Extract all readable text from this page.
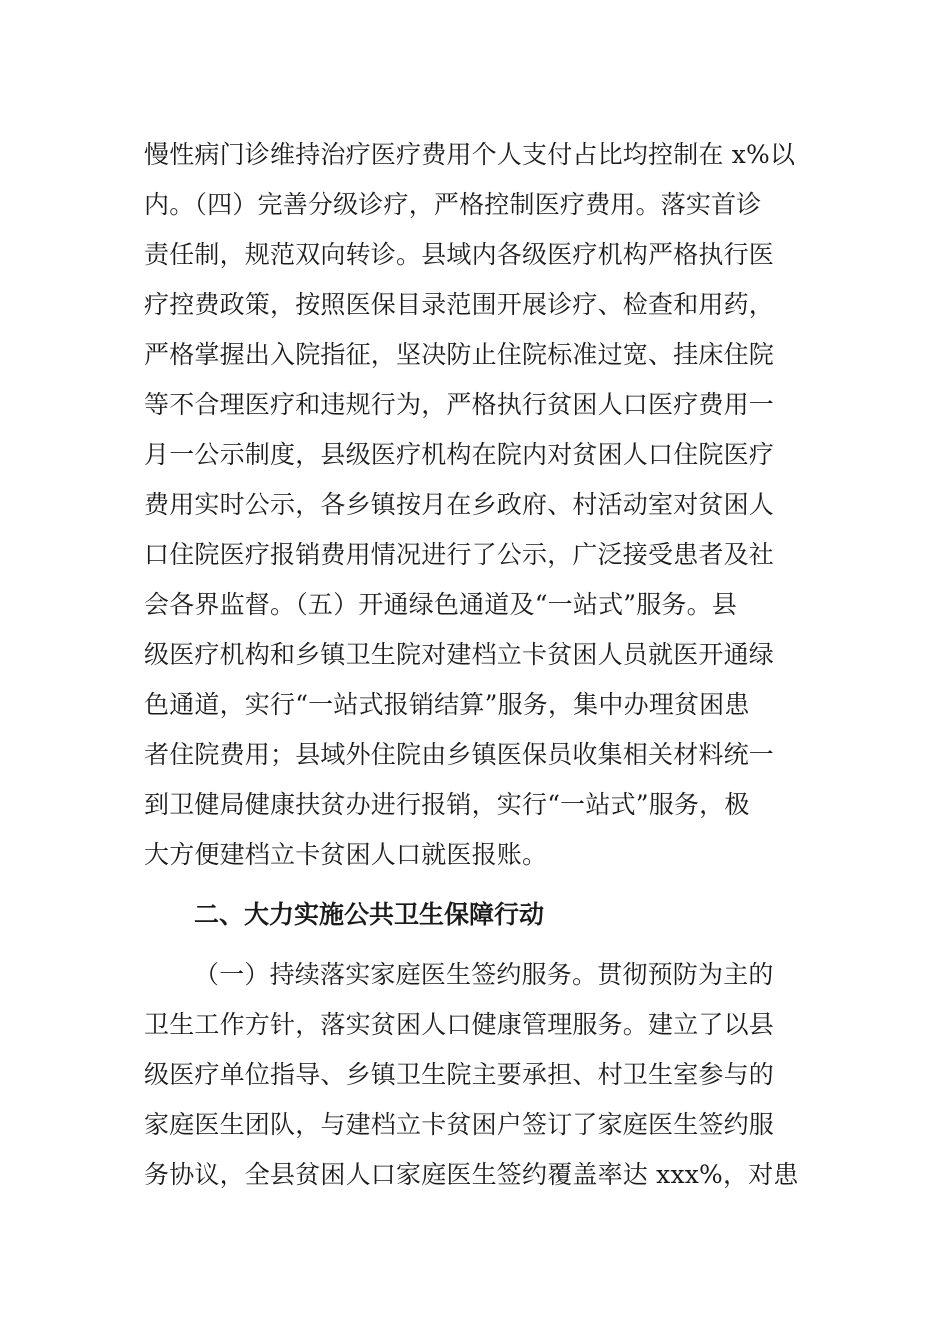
慢性病门诊维持治疗医疗费用个人支付占比均控制在 x%以
内。（四）完善分级诊疗，严格控制医疗费用。落实首诊
责任制，规范双向转诊。县域内各级医疗机构严格执行医
疗控费政策，按照医保目录范围开展诊疗、检查和用药，
严格掌握出入院指征，坚决防止住院标准过宽、挂床住院
等不合理医疗和违规行为，严格执行贫困人口医疗费用一
月一公示制度，县级医疗机构在院内对贫困人口住院医疗
费用实时公示，各乡镇按月在乡政府、村活动室对贫困人
口住院医疗报销费用情况进行了公示，广泛接受患者及社
会各界监督。（五）开通绿色通道及“一站式”服务。县
级医疗机构和乡镇卫生院对建档立卡贫困人员就医开通绿
色通道，实行“一站式报销结算”服务，集中办理贫困患
者住院费用；县域外住院由乡镇医保员收集相关材料统一
到卫健局健康扶贫办进行报销，实行“一站式”服务，极
大方便建档立卡贫困人口就医报账。
二、大力实施公共卫生保障行动
（一）持续落实家庭医生签约服务。贯彻预防为主的
卫生工作方针，落实贫困人口健康管理服务。建立了以县
级医疗单位指导、乡镇卫生院主要承担、村卫生室参与的
家庭医生团队，与建档立卡贫困户签订了家庭医生签约服
务协议，全县贫困人口家庭医生签约覆盖率达 xxx%，对患
